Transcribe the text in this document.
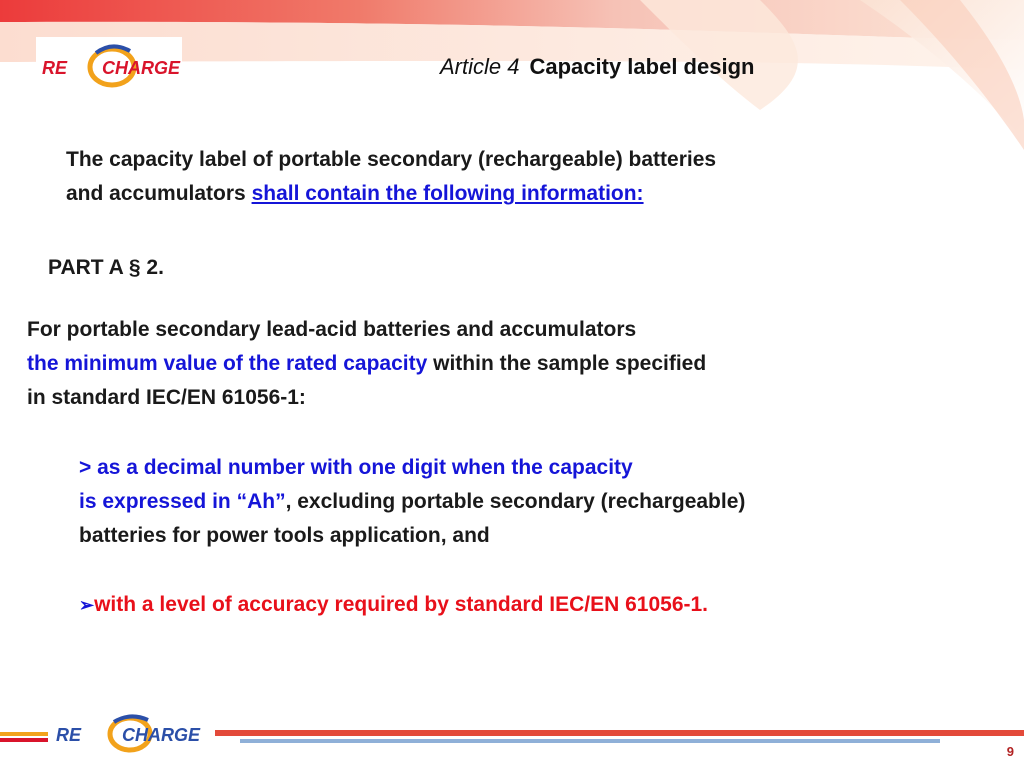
RE CHARGE	Article 4 Capacity label design
The capacity label of portable secondary (rechargeable) batteries
and accumulators shall contain the following information:
PART A § 2.
For portable secondary lead-acid batteries and accumulators
the minimum value of the rated capacity within the sample specified
in standard IEC/EN 61056-1:
> as a decimal number with one digit when the capacity
is expressed in “Ah”, excluding portable secondary (rechargeable)
batteries for power tools application, and
➢with a level of accuracy required by standard IEC/EN 61056-1.
RE CHARGE
9
